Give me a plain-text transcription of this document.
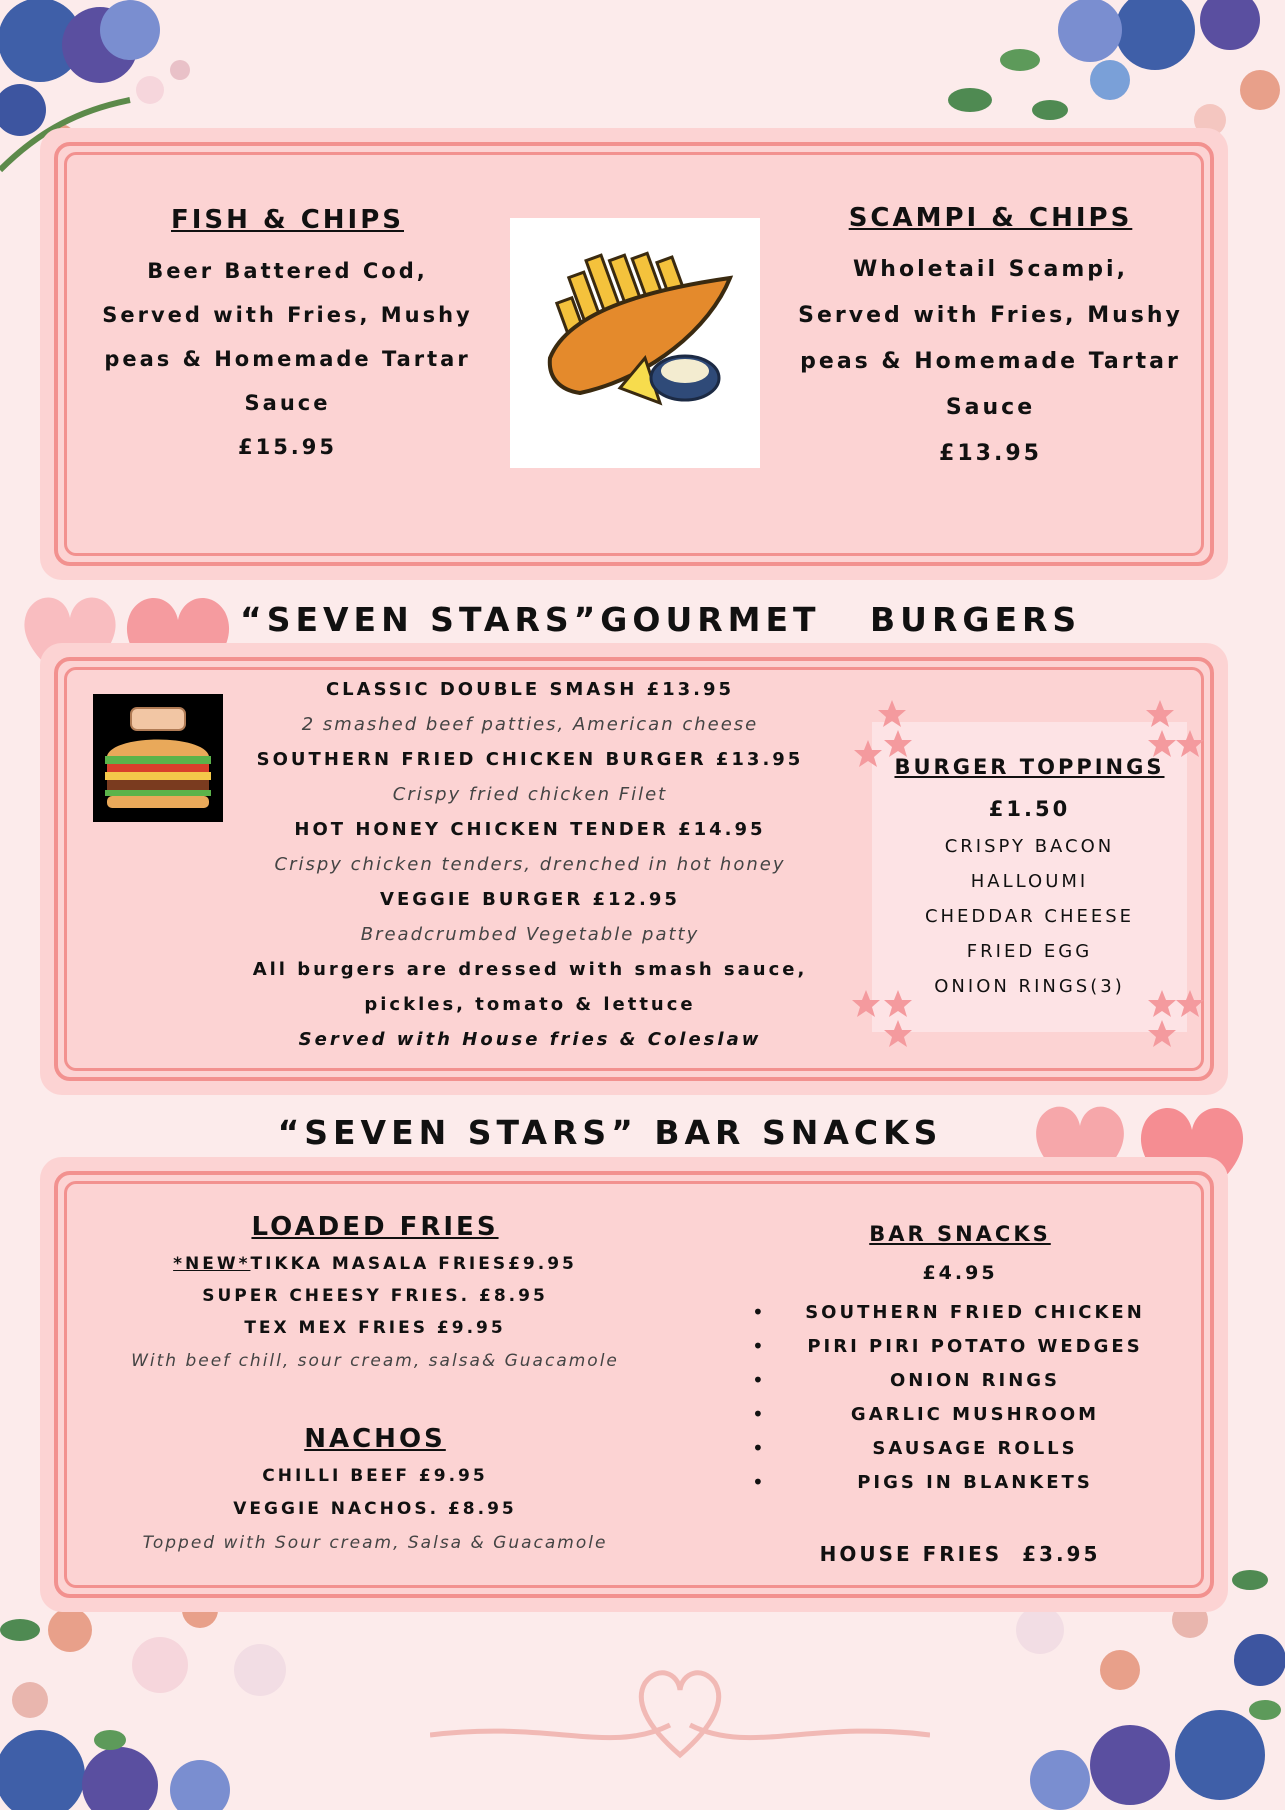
FISH & CHIPS
Beer Battered Cod,
Served with Fries, Mushy
peas & Homemade Tartar
Sauce
£15.95
SCAMPI & CHIPS
Wholetail Scampi,
Served with Fries, Mushy
peas & Homemade Tartar
Sauce
£13.95
“SEVEN STARS”GOURMET   BURGERS
CLASSIC DOUBLE SMASH £13.95
2 smashed beef patties, American cheese
SOUTHERN FRIED CHICKEN BURGER £13.95
Crispy fried chicken Filet
HOT HONEY CHICKEN TENDER £14.95
Crispy chicken tenders, drenched in hot honey
VEGGIE BURGER £12.95
Breadcrumbed Vegetable patty
All burgers are dressed with smash sauce,
pickles, tomato & lettuce
Served with House fries & Coleslaw
BURGER TOPPINGS
£1.50
CRISPY BACON
HALLOUMI
CHEDDAR CHEESE
FRIED EGG
ONION RINGS(3)
“SEVEN STARS” BAR SNACKS
LOADED FRIES
*NEW*TIKKA MASALA FRIES£9.95
SUPER CHEESY FRIES. £8.95
TEX MEX FRIES £9.95
With beef chill, sour cream, salsa& Guacamole
NACHOS
CHILLI BEEF £9.95
VEGGIE NACHOS. £8.95
Topped with Sour cream, Salsa & Guacamole
BAR SNACKS
£4.95
•	SOUTHERN FRIED CHICKEN
•	PIRI PIRI POTATO WEDGES
•	ONION RINGS
•	GARLIC MUSHROOM
•	SAUSAGE ROLLS
•	PIGS IN BLANKETS
HOUSE FRIES  £3.95
